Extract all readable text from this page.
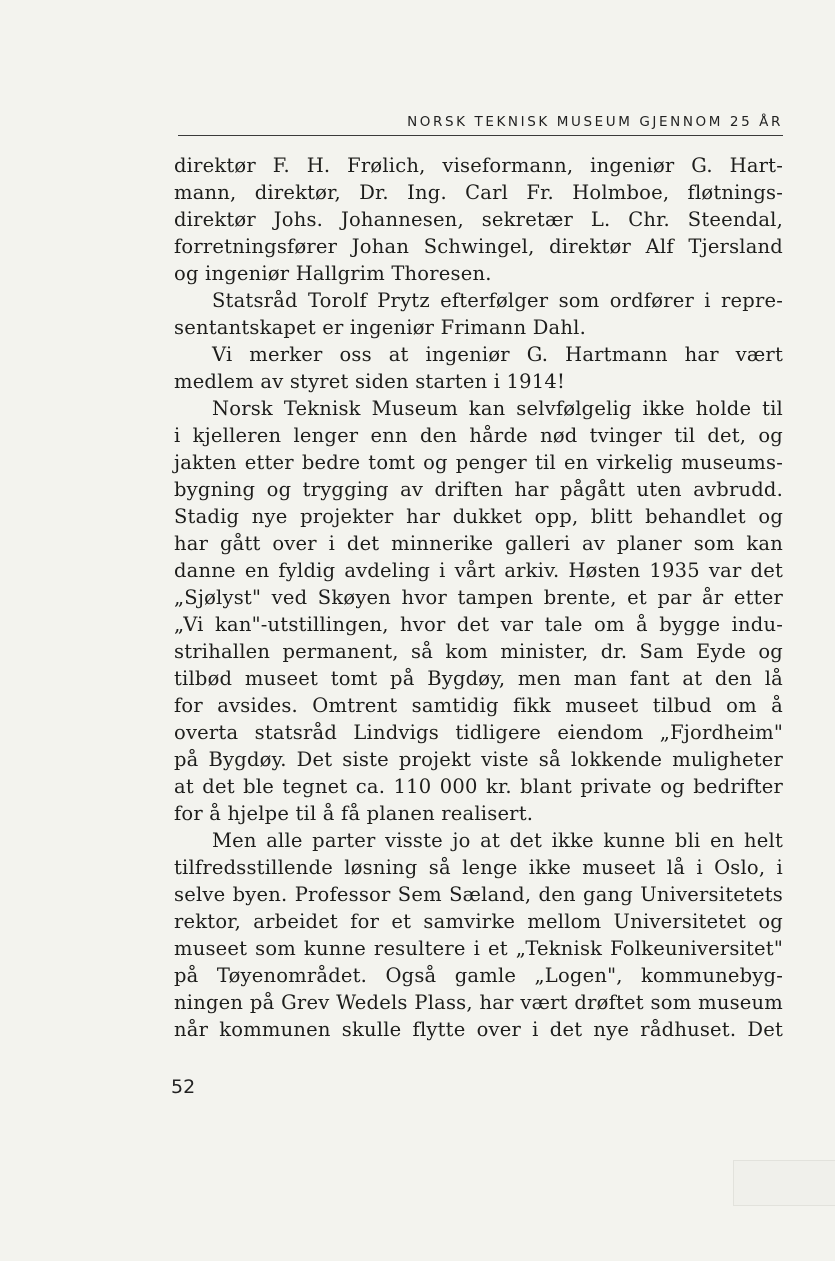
NORSK TEKNISK MUSEUM GJENNOM 25 ÅR
direktør F. H. Frølich, viseformann, ingeniør G. Hart-
mann, direktør, Dr. Ing. Carl Fr. Holmboe, fløtnings-
direktør Johs. Johannesen, sekretær L. Chr. Steendal,
forretningsfører Johan Schwingel, direktør Alf Tjersland
og ingeniør Hallgrim Thoresen.
Statsråd Torolf Prytz efterfølger som ordfører i repre-
sentantskapet er ingeniør Frimann Dahl.
Vi merker oss at ingeniør G. Hartmann har vært
medlem av styret siden starten i 1914!
Norsk Teknisk Museum kan selvfølgelig ikke holde til
i kjelleren lenger enn den hårde nød tvinger til det, og
jakten etter bedre tomt og penger til en virkelig museums-
bygning og trygging av driften har pågått uten avbrudd.
Stadig nye projekter har dukket opp, blitt behandlet og
har gått over i det minnerike galleri av planer som kan
danne en fyldig avdeling i vårt arkiv. Høsten 1935 var det
„Sjølyst" ved Skøyen hvor tampen brente, et par år etter
„Vi kan"-utstillingen, hvor det var tale om å bygge indu-
strihallen permanent, så kom minister, dr. Sam Eyde og
tilbød museet tomt på Bygdøy, men man fant at den lå
for avsides. Omtrent samtidig fikk museet tilbud om å
overta statsråd Lindvigs tidligere eiendom „Fjordheim"
på Bygdøy. Det siste projekt viste så lokkende muligheter
at det ble tegnet ca. 110 000 kr. blant private og bedrifter
for å hjelpe til å få planen realisert.
Men alle parter visste jo at det ikke kunne bli en helt
tilfredsstillende løsning så lenge ikke museet lå i Oslo, i
selve byen. Professor Sem Sæland, den gang Universitetets
rektor, arbeidet for et samvirke mellom Universitetet og
museet som kunne resultere i et „Teknisk Folkeuniversitet"
på Tøyenområdet. Også gamle „Logen", kommunebyg-
ningen på Grev Wedels Plass, har vært drøftet som museum
når kommunen skulle flytte over i det nye rådhuset. Det
52
